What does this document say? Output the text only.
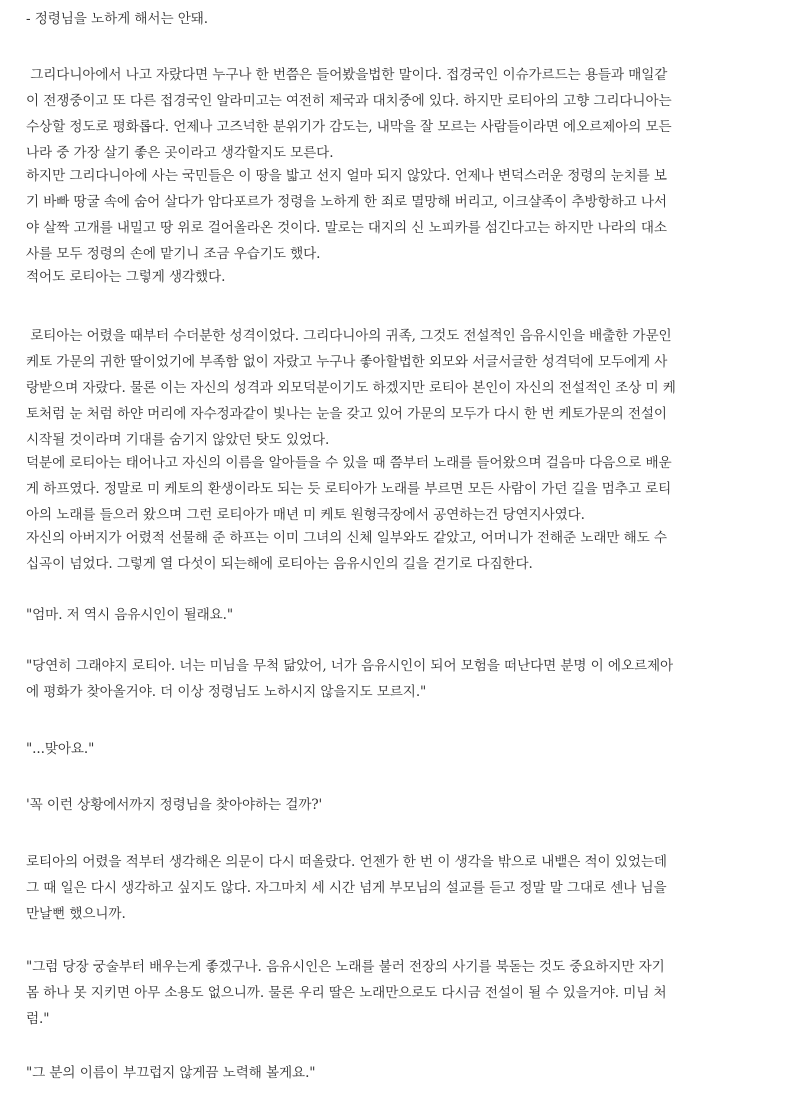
- 정령님을 노하게 해서는 안돼.

그리다니아에서 나고 자랐다면 누구나 한 번쯤은 들어봤을법한 말이다. 접경국인 이슈가르드는 용들과 매일같

이 전쟁중이고 또 다른 접경국인 알라미고는 여전히 제국과 대치중에 있다. 하지만 로티아의 고향 그리다니아는

수상할 정도로 평화롭다. 언제나 고즈넉한 분위기가 감도는, 내막을 잘 모르는 사람들이라면 에오르제아의 모든

나라 중 가장 살기 좋은 곳이라고 생각할지도 모른다.

하지만 그리다니아에 사는 국민들은 이 땅을 밟고 선지 얼마 되지 않았다. 언제나 변덕스러운 정령의 눈치를 보

기 바빠 땅굴 속에 숨어 살다가 암다포르가 정령을 노하게 한 죄로 멸망해 버리고, 이크샬족이 추방항하고 나서

야 살짝 고개를 내밀고 땅 위로 걸어올라온 것이다. 말로는 대지의 신 노피카를 섬긴다고는 하지만 나라의 대소

사를 모두 정령의 손에 맡기니 조금 우습기도 했다.

적어도 로티아는 그렇게 생각했다.

로티아는 어렸을 때부터 수더분한 성격이었다. 그리다니아의 귀족, 그것도 전설적인 음유시인을 배출한 가문인

케토 가문의 귀한 딸이었기에 부족함 없이 자랐고 누구나 좋아할법한 외모와 서글서글한 성격덕에 모두에게 사

랑받으며 자랐다. 물론 이는 자신의 성격과 외모덕분이기도 하겠지만 로티아 본인이 자신의 전설적인 조상 미 케

토처럼 눈 처럼 하얀 머리에 자수정과같이 빛나는 눈을 갖고 있어 가문의 모두가 다시 한 번 케토가문의 전설이

시작될 것이라며 기대를 숨기지 않았던 탓도 있었다.

덕분에 로티아는 태어나고 자신의 이름을 알아들을 수 있을 때 쯤부터 노래를 들어왔으며 걸음마 다음으로 배운

게 하프였다. 정말로 미 케토의 환생이라도 되는 듯 로티아가 노래를 부르면 모든 사람이 가던 길을 멈추고 로티

아의 노래를 들으러 왔으며 그런 로티아가 매년 미 케토 원형극장에서 공연하는건 당연지사였다.

자신의 아버지가 어렸적 선물해 준 하프는 이미 그녀의 신체 일부와도 같았고, 어머니가 전해준 노래만 해도 수

십곡이 넘었다. 그렇게 열 다섯이 되는해에 로티아는 음유시인의 길을 걷기로 다짐한다.

"엄마. 저 역시 음유시인이 될래요."

"당연히 그래야지 로티아. 너는 미님을 무척 닮았어, 너가 음유시인이 되어 모험을 떠난다면 분명 이 에오르제아

에 평화가 찾아올거야. 더 이상 정령님도 노하시지 않을지도 모르지."

"...맞아요."

'꼭 이런 상황에서까지 정령님을 찾아야하는 걸까?'

로티아의 어렸을 적부터 생각해온 의문이 다시 떠올랐다. 언젠가 한 번 이 생각을 밖으로 내뱉은 적이 있었는데

그 때 일은 다시 생각하고 싶지도 않다. 자그마치 세 시간 넘게 부모님의 설교를 듣고 정말 말 그대로 센나 님을

만날뻔 했으니까.

"그럼 당장 궁술부터 배우는게 좋겠구나. 음유시인은 노래를 불러 전장의 사기를 북돋는 것도 중요하지만 자기

몸 하나 못 지키면 아무 소용도 없으니까. 물론 우리 딸은 노래만으로도 다시금 전설이 될 수 있을거야. 미님 처

럼."

"그 분의 이름이 부끄럽지 않게끔 노력해 볼게요."
